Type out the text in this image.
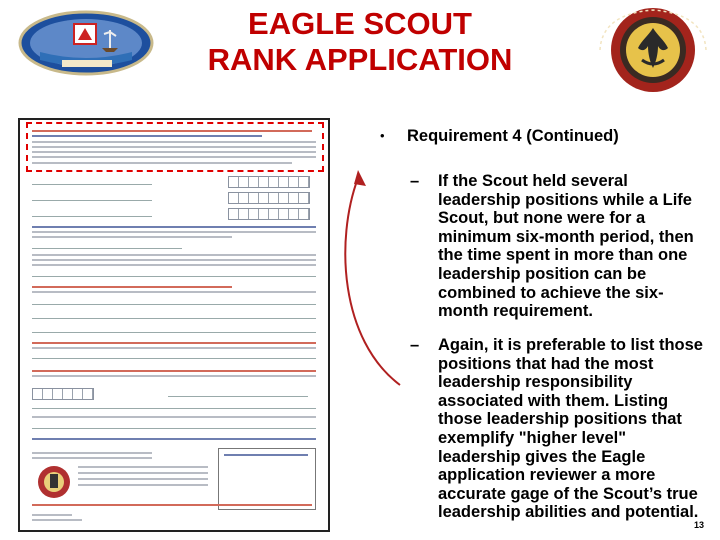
EAGLE SCOUT
RANK APPLICATION
• Requirement 4 (Continued)
– If the Scout held several leadership positions while a Life Scout, but none were for a minimum six-month period, then the time spent in more than one leadership position can be combined to achieve the six-month requirement.
– Again, it is preferable to list those positions that had the most leadership responsibility associated with them. Listing those leadership positions that exemplify "higher level" leadership gives the Eagle application reviewer a more accurate gage of the Scout’s true leadership abilities and potential.
13
